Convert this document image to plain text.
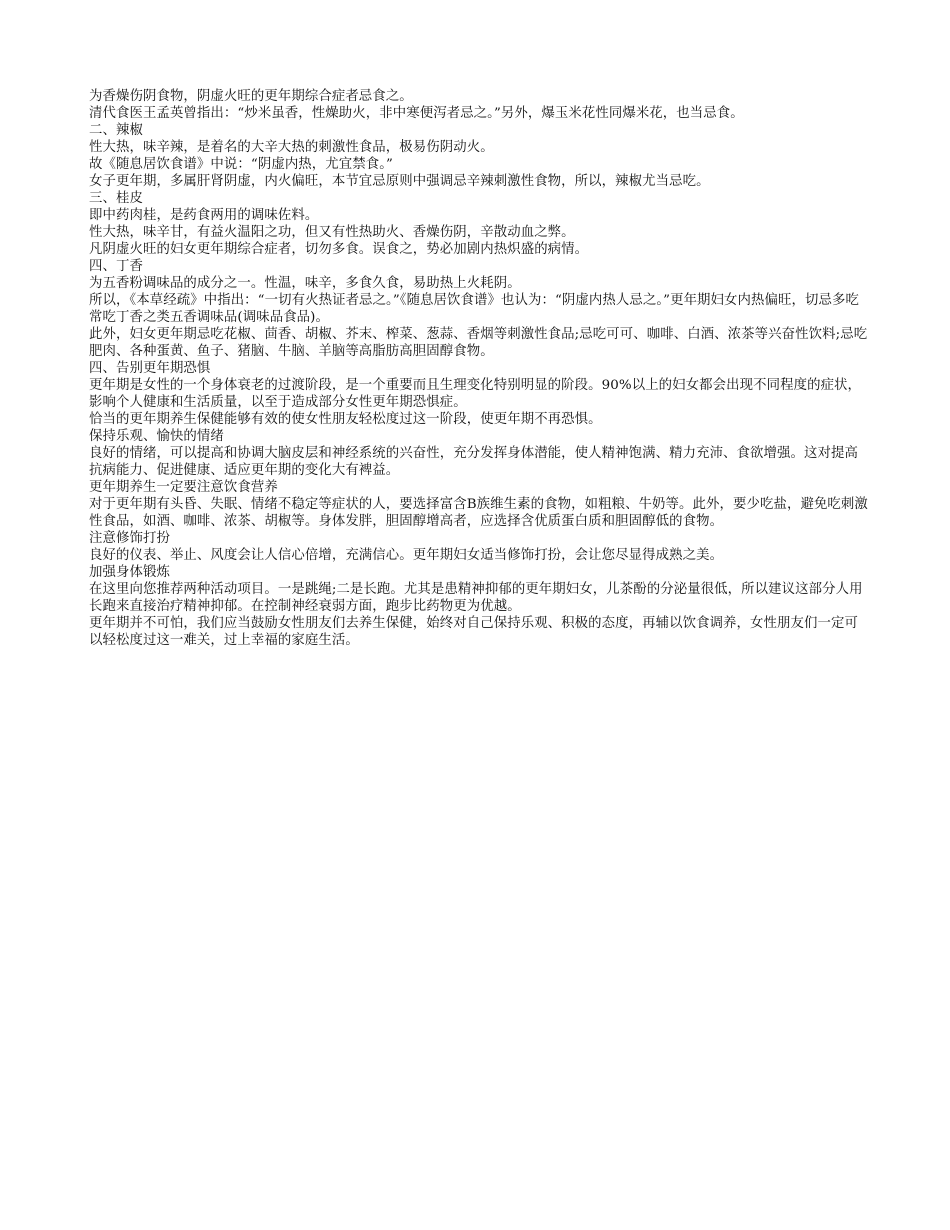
为香燥伤阴食物，阴虚火旺的更年期综合症者忌食之。
清代食医王孟英曾指出：“炒米虽香，性燥助火，非中寒便泻者忌之。”另外，爆玉米花性同爆米花，也当忌食。
二、辣椒
性大热，味辛辣，是着名的大辛大热的刺激性食品，极易伤阴动火。
故《随息居饮食谱》中说：“阴虚内热，尤宜禁食。”
女子更年期，多属肝肾阴虚，内火偏旺，本节宜忌原则中强调忌辛辣刺激性食物，所以，辣椒尤当忌吃。
三、桂皮
即中药肉桂，是药食两用的调味佐料。
性大热，味辛甘，有益火温阳之功，但又有性热助火、香燥伤阴，辛散动血之弊。
凡阴虚火旺的妇女更年期综合症者，切勿多食。误食之，势必加剧内热炽盛的病情。
四、丁香
为五香粉调味品的成分之一。性温，味辛，多食久食，易助热上火耗阴。
所以，《本草经疏》中指出：“一切有火热证者忌之。”《随息居饮食谱》也认为：“阴虚内热人忌之。”更年期妇女内热偏旺，切忌多吃常吃丁香之类五香调味品(调味品食品)。
此外，妇女更年期忌吃花椒、茴香、胡椒、芥末、榨菜、葱蒜、香烟等刺激性食品;忌吃可可、咖啡、白酒、浓茶等兴奋性饮料;忌吃肥肉、各种蛋黄、鱼子、猪脑、牛脑、羊脑等高脂肪高胆固醇食物。
四、告别更年期恐惧
更年期是女性的一个身体衰老的过渡阶段，是一个重要而且生理变化特别明显的阶段。90%以上的妇女都会出现不同程度的症状，影响个人健康和生活质量，以至于造成部分女性更年期恐惧症。
恰当的更年期养生保健能够有效的使女性朋友轻松度过这一阶段，使更年期不再恐惧。
保持乐观、愉快的情绪
良好的情绪，可以提高和协调大脑皮层和神经系统的兴奋性，充分发挥身体潜能，使人精神饱满、精力充沛、食欲增强。这对提高抗病能力、促进健康、适应更年期的变化大有裨益。
更年期养生一定要注意饮食营养
对于更年期有头昏、失眠、情绪不稳定等症状的人，要选择富含B族维生素的食物，如粗粮、牛奶等。此外，要少吃盐，避免吃刺激性食品，如酒、咖啡、浓茶、胡椒等。身体发胖，胆固醇增高者，应选择含优质蛋白质和胆固醇低的食物。
注意修饰打扮
良好的仪表、举止、风度会让人信心倍增，充满信心。更年期妇女适当修饰打扮，会让您尽显得成熟之美。
加强身体锻炼
在这里向您推荐两种活动项目。一是跳绳;二是长跑。尤其是患精神抑郁的更年期妇女，儿茶酚的分泌量很低，所以建议这部分人用长跑来直接治疗精神抑郁。在控制神经衰弱方面，跑步比药物更为优越。
更年期并不可怕，我们应当鼓励女性朋友们去养生保健，始终对自己保持乐观、积极的态度，再辅以饮食调养，女性朋友们一定可以轻松度过这一难关，过上幸福的家庭生活。
